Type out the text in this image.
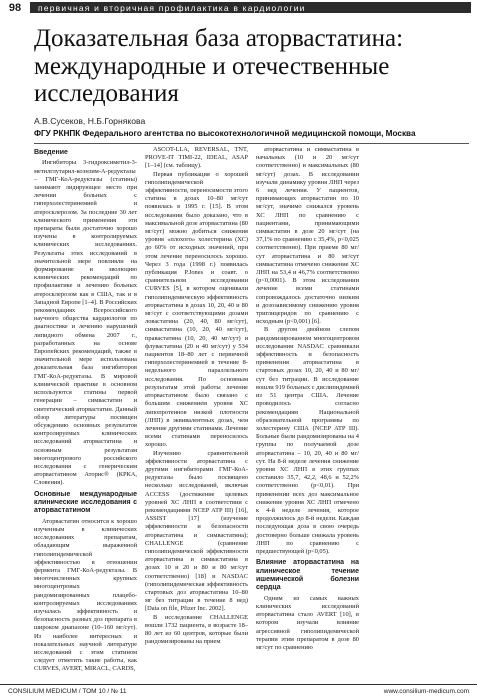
98	первичная и вторичная профилактика в кардиологии
Доказательная база аторвастатина: международные и отечественные исследования
А.В.Сусеков, Н.Б.Горнякова
ФГУ РКНПК Федерального агентства по высокотехнологичной медицинской помощи, Москва
Введение

Ингибиторы 3-гидроксиметил-3-метилглутарил-коэнзим-А-редуктазы – ГМГ-КоА-редуктазы (статины) занимают лидирующее место при лечении больных с гиперхолестеринемией и атеросклерозом. За последние 30 лет клинического применения эти препараты были достаточно хорошо изучены в контролируемых клинических исследованиях. Результаты этих исследований в значительной мере повлияли на формирование и эволюцию клинических рекомендаций по профилактике и лечению больных атеросклерозом как в США, так и в Западной Европе [1–4]. В Российских рекомендациях Всероссийского научного общества кардиологов по диагностике и лечению нарушений липидного обмена 2007 г., разработанных на основе Европейских рекомендаций, также в значительной мере использована доказательная база ингибиторов ГМГ-КоА-редуктазы. В мировой клинической практике в основном используются статины первой генерации – симвастатин и синтетический аторвастатин. Данный обзор литературы посвящен обсуждению основных результатов контролируемых клинических исследований аторвастатина и основным результатам многоцентрового российского исследования с генерическим аторвастатином Аторис® (КРКА, Словения).

Основные международные клинические исследования с аторвастатином

Аторвастатин относится к хорошо изученным в клинических исследованиях препаратам, обладающим выраженной гиполипидемической эффективностью в отношении фермента ГМГ-КоА-редуктазы. В многочисленных крупных многоцентровых рандомизированных плацебо-контролируемых исследованиях изучалась эффективность и безопасность разных доз препарата в широком диапазоне (10–160 мг/сут). Из наиболее интересных и показательных научной литературе исследований с этим статином следует отметить такие работы, как CURVES, AVERT, MIRACL, CARDS,

ASCOT-LLA, REVERSAL, TNT, PROVE-IT TIMI-22, IDEAL, ASAP [1–14] (см. таблицу).

Первая публикация о хорошей гиполипидемической эффективности, переносимости этого статина в дозах 10–80 мг/сут появилась в 1995 г. [15]. В этом исследовании было доказано, что в максимальной дозе аторвастатина (80 мг/сут) можно добиться снижения уровня «плохого» холестерина (ХС) до 60% от исходных значений, при этом лечение переносилось хорошо. Через 3 года (1998 г.) появилась публикация P.Jones и соавт. о сравнительном исследовании CURVES [5], в котором оценивали гиполипидемическую эффективность аторвастатина в дозах 10, 20, 40 и 80 мг/сут с соответствующими дозами ловастатина (20, 40, 80 мг/сут), симвастатина (10, 20, 40 мг/сут), правастатина (10, 20, 40 мг/сут) и флувастатина (20 и 40 мг/сут) у 534 пациентов 18–80 лет с первичной гиперхолестеринемией в течение 8-недельного параллельного исследования. По основным результатам этой работы лечение аторвастатином было связано с большим снижением уровня ХС липопротеинов низкой плотности (ЛНП) в эквивалентных дозах, чем лечение другими статинами. Лечение всеми статинами переносилось хорошо.

Изучению сравнительной эффективности аторвастатина с другими ингибиторами ГМГ-КоА-редуктазы было посвящено несколько исследований, включая ACCESS (достижение целевых уровней ХС ЛНП в соответствии с рекомендациями NCEP ATP III) [16], ASSIST [17] (изучение эффективности и безопасности аторвастатина и симвастатина); CHALLENGE (сравнение гиполипидемической эффективности аторвастатина и симвастатина в дозах 10 и 20 и 80 и 80 мг/сут соответственно) [18] и NASDAC (гиполипидемическая эффективность стартовых доз аторвастатина 10–80 мг без титрации в течение 8 нед) [Data on file, Pfizer Inc. 2002].

В исследование CHALLENGE вошли 1732 пациента, в возрасте 18–80 лет из 60 центров, которые были рандомизированы на прием

аторвастатина и симвастатина в начальных (10 и 20 мг/сут соответственно) и максимальных (80 мг/сут) дозах. В исследовании изучали динамику уровня ЛНП через 6 нед лечения. У пациентов, принимающих аторвастатин по 10 мг/сут, значимо снижался уровень ХС ЛНП по сравнению с пациентами, принимающими симвастатин в дозе 20 мг/сут (на 37,1% по сравнению с 35,4%, р<0,025 соответственно). При приеме 80 мг/сут аторвастатина и 80 мг/сут симвастатина отмечено снижение ХС ЛНП на 53,4 и 46,7% соответственно (р<0,0001). В этом исследовании лечение всеми статинами сопровождалось достаточно низким и дозозависимому снижению уровня триглицеридов по сравнению с исходным (р<0,001) [6].

В другом двойном слепом рандомизированном многоцентровом исследовании NASDAC сравнивали эффективность и безопасность применения аторвастатина в стартовых дозах 10, 20, 40 и 80 мг/сут без титрации. В исследование вошли 919 больных с дислипидемией из 51 центра США. Лечение проводилось согласно рекомендациям Национальной образовательной программы по холестерину США (NCEP ATP III). Больные были рандомизированы на 4 группы по получаемой дозе аторвастатина – 10, 20, 40 и 80 мг/сут. На 8-й неделе лечения снижение уровня ХС ЛНП в этих группах составило 35,7, 42,2, 48,6 и 52,2% соответственно (р<0,01). При применении всех доз максимальное снижение уровня ХС ЛНП отмечено к 4-й неделе лечения, которое продолжилось до 8-й недели. Каждая последующая доза в свою очередь достоверно больше снижала уровень ЛНП по сравнению с предшествующей (р<0,05).

Влияние аторвастатина на клиническое течение ишемической болезни сердца

Одним из самых важных клинических исследований аторвастатина стало AVERT [10], в котором изучали влияние агрессивной гиполипидемической терапии этим препаратом в дозе 80 мг/сут по сравнению

CONSILIUM MEDICUM / ТОМ 10 / № 11	www.consilium-medicum.com
